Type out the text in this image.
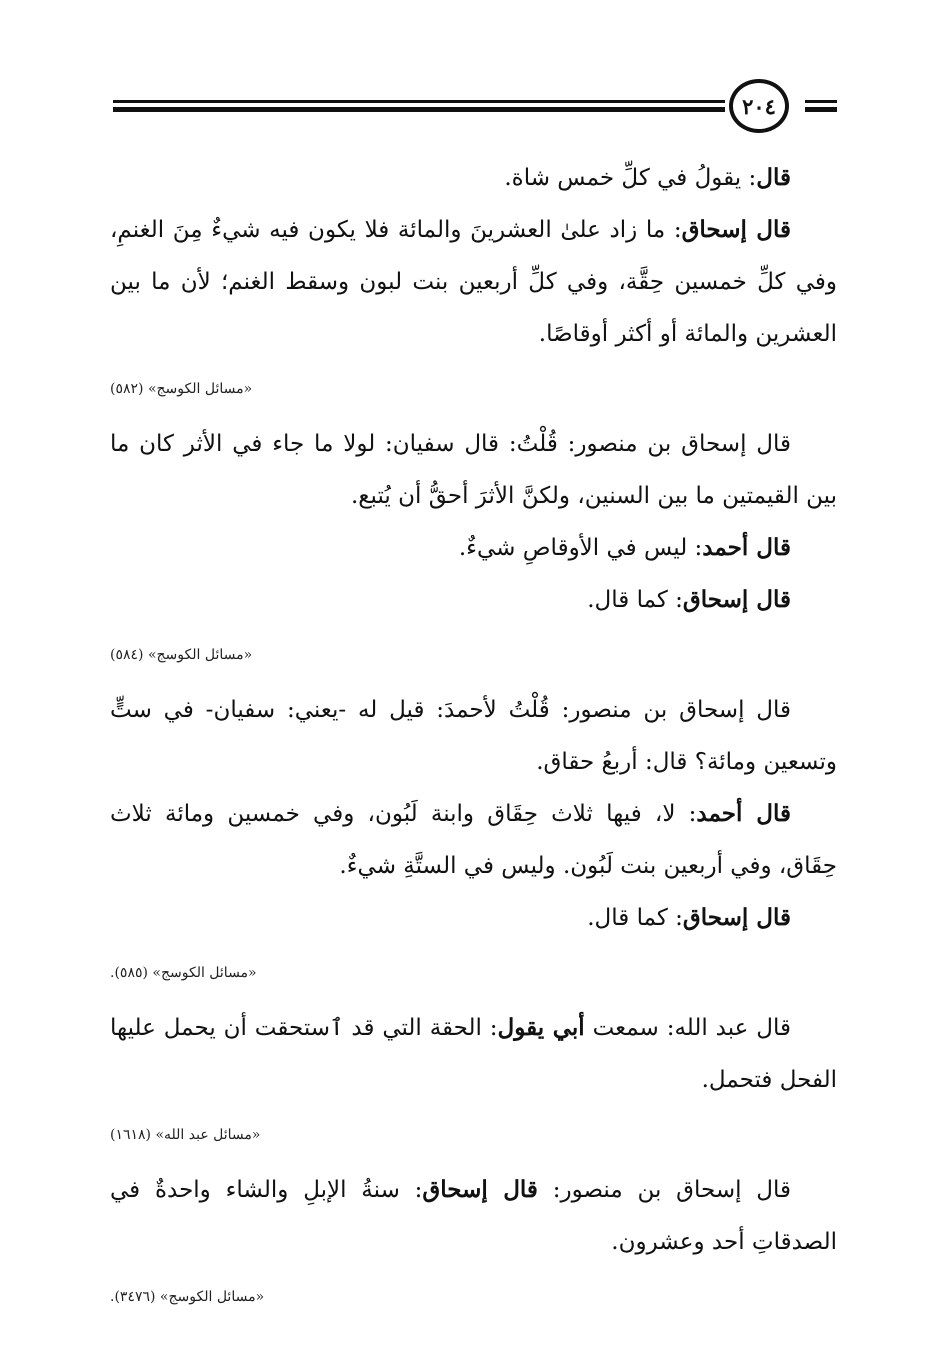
٢٠٤

قال: يقولُ في كلِّ خمس شاة.

قال إسحاق: ما زاد علىٰ العشرينَ والمائة فلا يكون فيه شيءٌ مِنَ الغنمِ، وفي كلِّ خمسين حِقَّة، وفي كلِّ أربعين بنت لبون وسقط الغنم؛ لأن ما بين العشرين والمائة أو أكثر أوقاصًا.

«مسائل الكوسج» (٥٨٢)

قال إسحاق بن منصور: قُلْتُ: قال سفيان: لولا ما جاء في الأثر كان ما بين القيمتين ما بين السنين، ولكنَّ الأثرَ أحقُّ أن يُتبع.

قال أحمد: ليس في الأوقاصِ شيءٌ.

قال إسحاق: كما قال.

«مسائل الكوسج» (٥٨٤)

قال إسحاق بن منصور: قُلْتُ لأحمدَ: قيل له -يعني: سفيان- في ستٍّ وتسعين ومائة؟ قال: أربعُ حقاق.

قال أحمد: لا، فيها ثلاث حِقَاق وابنة لَبُون، وفي خمسين ومائة ثلاث حِقَاق، وفي أربعين بنت لَبُون. وليس في الستَّةِ شيءٌ.

قال إسحاق: كما قال.

«مسائل الكوسج» (٥٨٥).

قال عبد الله: سمعت أبي يقول: الحقة التي قد ٱستحقت أن يحمل عليها الفحل فتحمل.

«مسائل عبد الله» (١٦١٨)

قال إسحاق بن منصور: قال إسحاق: سنةُ الإبلِ والشاء واحدةٌ في الصدقاتِ أحد وعشرون.

«مسائل الكوسج» (٣٤٧٦).
